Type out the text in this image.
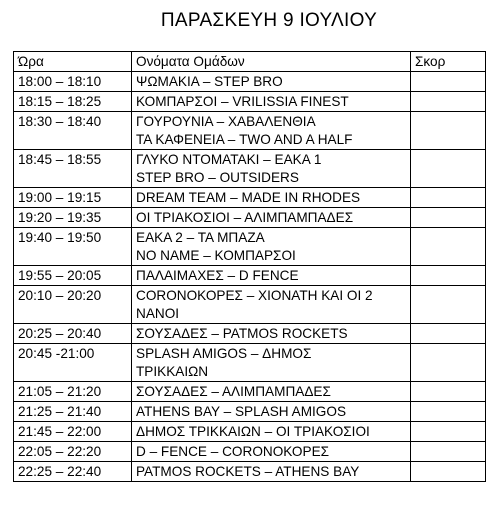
ΠΑΡΑΣΚΕΥΗ 9 ΙΟΥΛΙΟΥ
Ώρα	Ονόματα Ομάδων	Σκορ
18:00 – 18:10	ΨΩΜΑΚΙΑ – STEP BRO	

18:15 – 18:25	ΚΟΜΠΑΡΣΟΙ – VRILISSIA FINEST	

18:30 – 18:40	ΓΟΥΡΟΥΝΙΑ – ΧΑΒΑΛΕΝΘΙΑ
ΤΑ ΚΑΦΕΝΕΙΑ – TWO AND A HALF	

18:45 – 18:55	ΓΛΥΚΟ ΝΤΟΜΑΤΑΚΙ – ΕΑΚΑ 1
STEP BRO – OUTSIDERS	

19:00 – 19:15	DREAM TEAM – MADE IN RHODES	

19:20 – 19:35	ΟΙ ΤΡΙΑΚΟΣΙΟΙ – ΑΛΙΜΠΑΜΠΑΔΕΣ	

19:40 – 19:50	ΕΑΚΑ 2 – ΤΑ ΜΠΑΖΑ
NO NAME – ΚΟΜΠΑΡΣΟΙ	

19:55 – 20:05	ΠΑΛΑΙΜΑΧΕΣ – D FENCE	

20:10 – 20:20	CORONOΚΟΡΕΣ – ΧΙΟΝΑΤΗ ΚΑΙ ΟΙ 2
ΝΑΝΟΙ	

20:25 – 20:40	ΣΟΥΣΑΔΕΣ – PATMOS ROCKETS	

20:45 -21:00	SPLASH AMIGOS – ΔΗΜΟΣ
ΤΡΙΚΚΑΙΩΝ	

21:05 – 21:20	ΣΟΥΣΑΔΕΣ – ΑΛΙΜΠΑΜΠΑΔΕΣ	

21:25 – 21:40	ATHENS BAY – SPLASH AMIGOS	

21:45 – 22:00	ΔΗΜΟΣ ΤΡΙΚΚΑΙΩΝ – ΟΙ ΤΡΙΑΚΟΣΙΟΙ	

22:05 – 22:20	D – FENCE – CORONOΚΟΡΕΣ	

22:25 – 22:40	PATMOS ROCKETS – ATHENS BAY	
